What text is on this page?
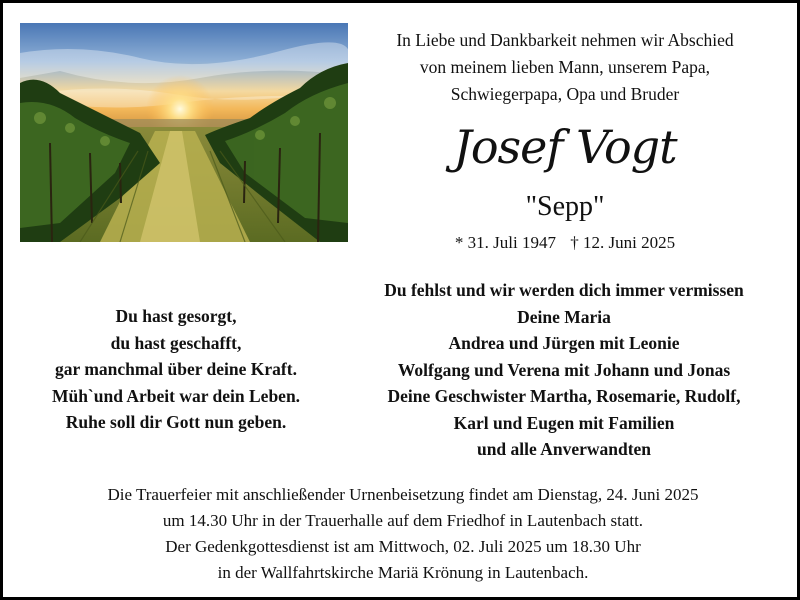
In Liebe und Dankbarkeit nehmen wir Abschied
von meinem lieben Mann, unserem Papa,
Schwiegerpapa, Opa und Bruder
Josef Vogt
"Sepp"
* 31. Juli 1947 † 12. Juni 2025
Du hast gesorgt,
du hast geschafft,
gar manchmal über deine Kraft.
Müh`und Arbeit war dein Leben.
Ruhe soll dir Gott nun geben.
Du fehlst und wir werden dich immer vermissen
Deine Maria
Andrea und Jürgen mit Leonie
Wolfgang und Verena mit Johann und Jonas
Deine Geschwister Martha, Rosemarie, Rudolf,
Karl und Eugen mit Familien
und alle Anverwandten
Die Trauerfeier mit anschließender Urnenbeisetzung findet am Dienstag, 24. Juni 2025
um 14.30 Uhr in der Trauerhalle auf dem Friedhof in Lautenbach statt.
Der Gedenkgottesdienst ist am Mittwoch, 02. Juli 2025 um 18.30 Uhr
in der Wallfahrtskirche Mariä Krönung in Lautenbach.
